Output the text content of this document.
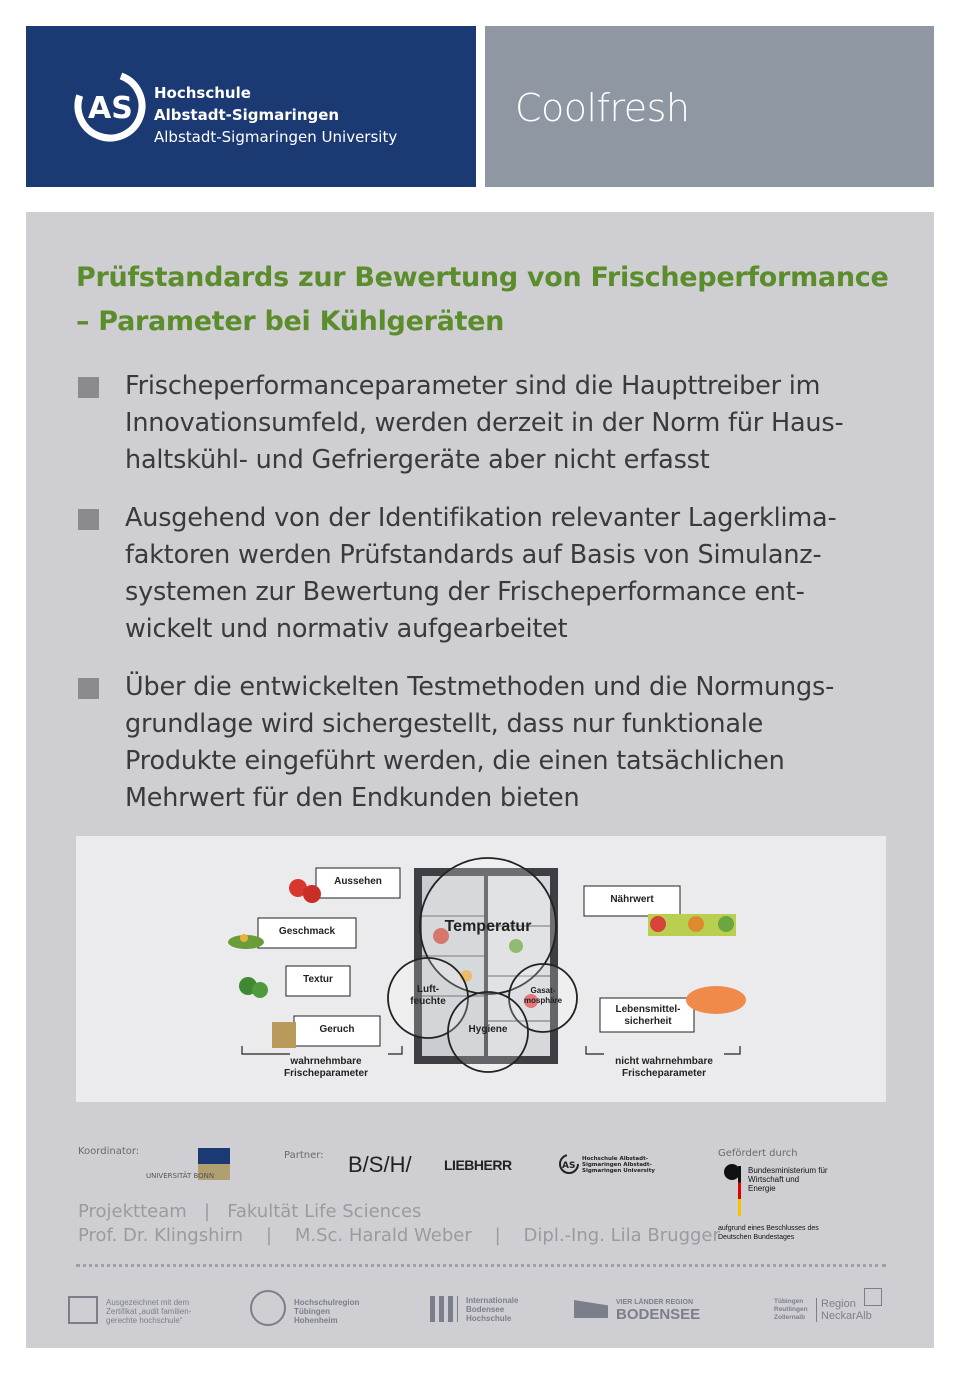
AS Hochschule
Albstadt-Sigmaringen
Albstadt-Sigmaringen University
Coolfresh
Prüfstandards zur Bewertung von Frischeperformance – Parameter bei Kühlgeräten
Frischeperformanceparameter sind die Haupttreiber im Innovationsumfeld, werden derzeit in der Norm für Haushaltskühl- und Gefriergeräte aber nicht erfasst
Ausgehend von der Identifikation relevanter Lagerklimafaktoren werden Prüfstandards auf Basis von Simulanzsystemen zur Bewertung der Frischeperformance entwickelt und normativ aufgearbeitet
Über die entwickelten Testmethoden und die Normungsgrundlage wird sichergestellt, dass nur funktionale Produkte eingeführt werden, die einen tatsächlichen Mehrwert für den Endkunden bieten
Aussehen
Geschmack
Textur
Geruch
wahrnehmbare Frischeparameter
Nährwert
Lebensmittel-sicherheit
nicht wahrnehmbare Frischeparameter
Temperatur
Luft-feuchte
Gasat-mosphäre
Hygiene
Koordinator:
UNIVERSITÄT BONN
Partner: B/S/H/ LIEBHERR	AS
Hochschule Albstadt-Sigmaringen Albstadt-Sigmaringen University
Gefördert durch
Bundesministerium für Wirtschaft und Energie
aufgrund eines Beschlusses des Deutschen Bundestages
Projektteam   |   Fakultät Life Sciences
Prof. Dr. Klingshirn    |    M.Sc. Harald Weber    |    Dipl.-Ing. Lila Brugger
Ausgezeichnet mit dem Zertifikat „audit familiengerechte hochschule“
Hochschulregion Tübingen Hohenheim
Internationale Bodensee Hochschule
VIER LÄNDER REGION
BODENSEE
Tübingen Reutlingen Zollernalb
Region NeckarAlb
